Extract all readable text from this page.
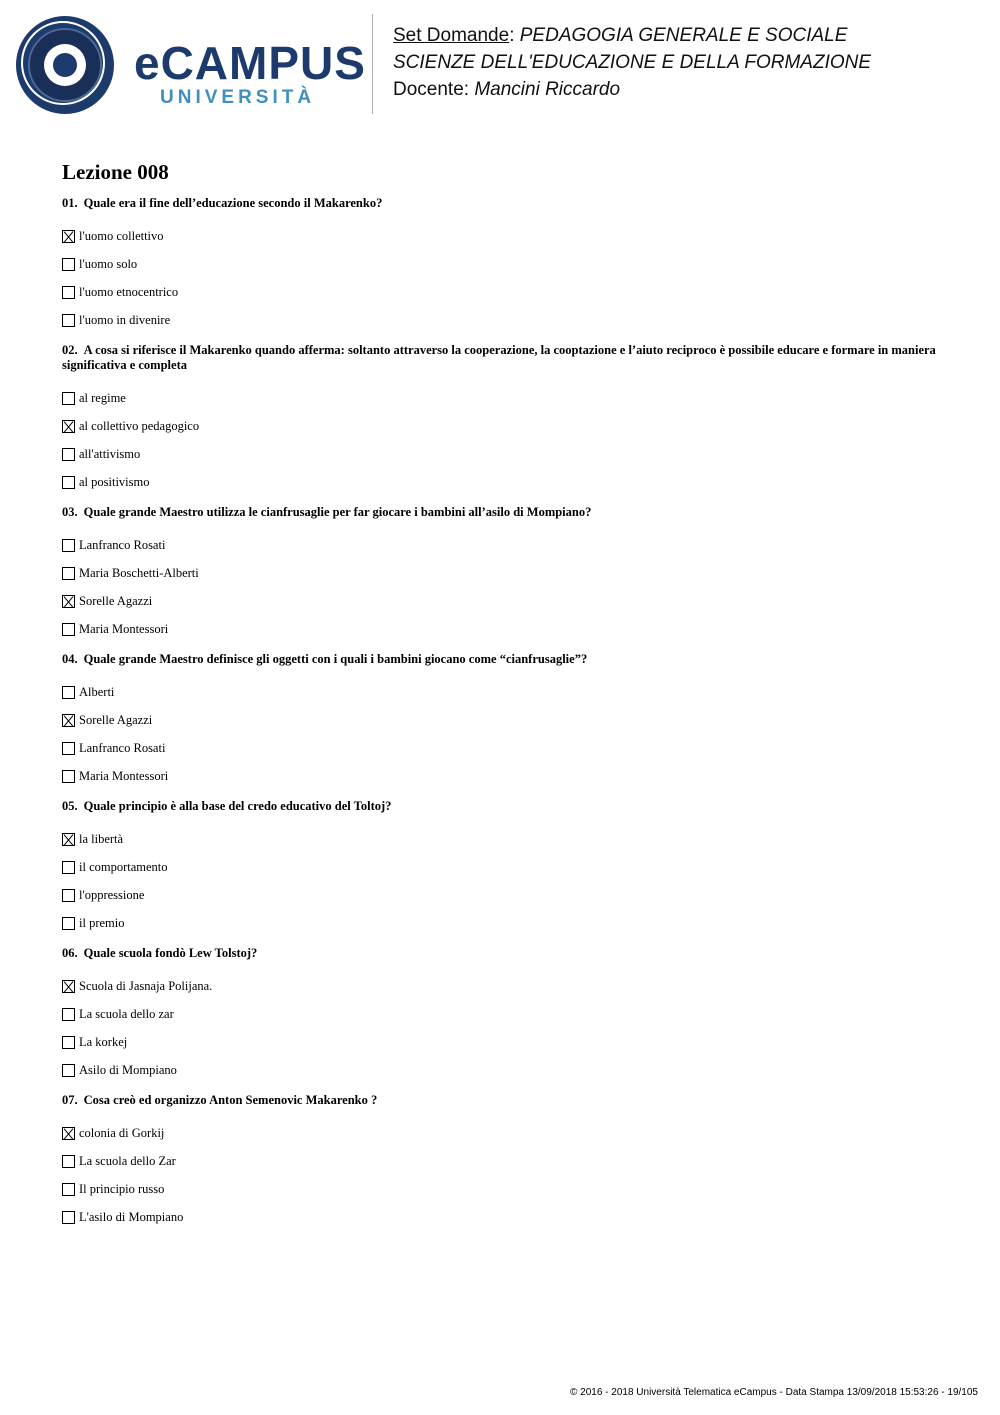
eCAMPUS
UNIVERSITÀ
Set Domande: PEDAGOGIA GENERALE E SOCIALE
SCIENZE DELL'EDUCAZIONE E DELLA FORMAZIONE
Docente: Mancini Riccardo
Lezione 008
01. Quale era il fine dell’educazione secondo il Makarenko?
l'uomo collettivo
l'uomo solo
l'uomo etnocentrico
l'uomo in divenire
02. A cosa si riferisce il Makarenko quando afferma: soltanto attraverso la cooperazione, la cooptazione e l’aiuto reciproco è possibile educare e formare in maniera significativa e completa
al regime
al collettivo pedagogico
all'attivismo
al positivismo
03. Quale grande Maestro utilizza le cianfrusaglie per far giocare i bambini all’asilo di Mompiano?
Lanfranco Rosati
Maria Boschetti-Alberti
Sorelle Agazzi
Maria Montessori
04. Quale grande Maestro definisce gli oggetti con i quali i bambini giocano come “cianfrusaglie”?
Alberti
Sorelle Agazzi
Lanfranco Rosati
Maria Montessori
05. Quale principio è alla base del credo educativo del Toltoj?
la libertà
il comportamento
l'oppressione
il premio
06. Quale scuola fondò Lew Tolstoj?
Scuola di Jasnaja Polijana.
La scuola dello zar
La korkej
Asilo di Mompiano
07. Cosa creò ed organizzo Anton Semenovic Makarenko ?
colonia di Gorkij
La scuola dello Zar
Il principio russo
L'asilo di Mompiano
© 2016 - 2018 Università Telematica eCampus - Data Stampa 13/09/2018 15:53:26 - 19/105
